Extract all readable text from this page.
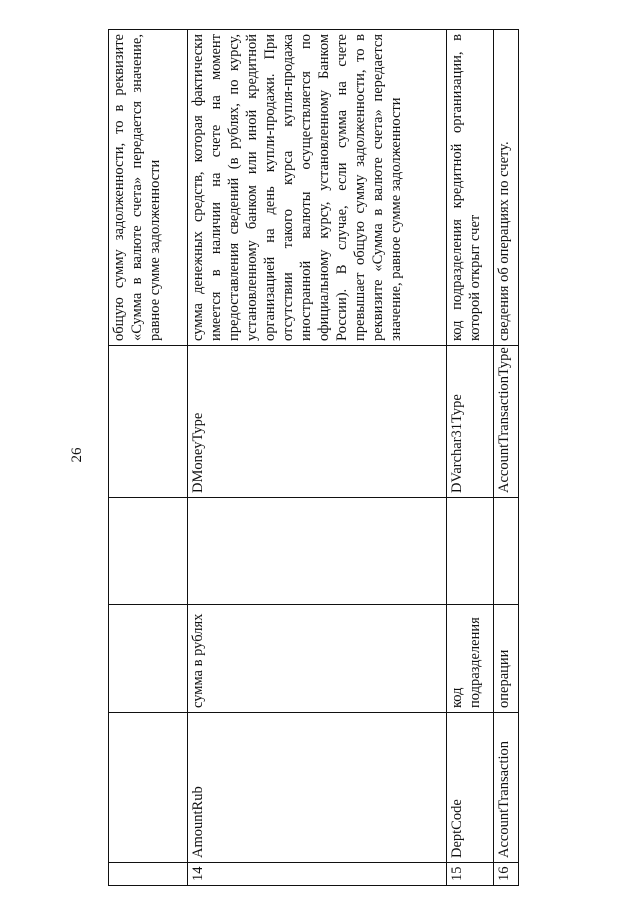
26
					общую сумму задолженности, то в реквизите «Сумма в валюте счета» передается значение, равное сумме задолженности
14	AmountRub	сумма в рублях		DMoneyType	сумма денежных средств, которая фактически имеется в наличии на счете на момент предоставления сведений (в рублях, по курсу, установленному банком или иной кредитной организацией на день купли-продажи. При отсутствии такого курса купля-продажа иностранной валюты осуществляется по официальному курсу, установленному Банком России). В случае, если сумма на счете превышает общую сумму задолженности, то в реквизите «Сумма в валюте счета» передается значение, равное сумме задолженности
15	DeptCode	код подразделения		DVarchar31Type	код подразделения кредитной организации, в которой открыт счет
16	AccountTransaction	операции		AccountTransactionType	сведения об операциях по счету.
